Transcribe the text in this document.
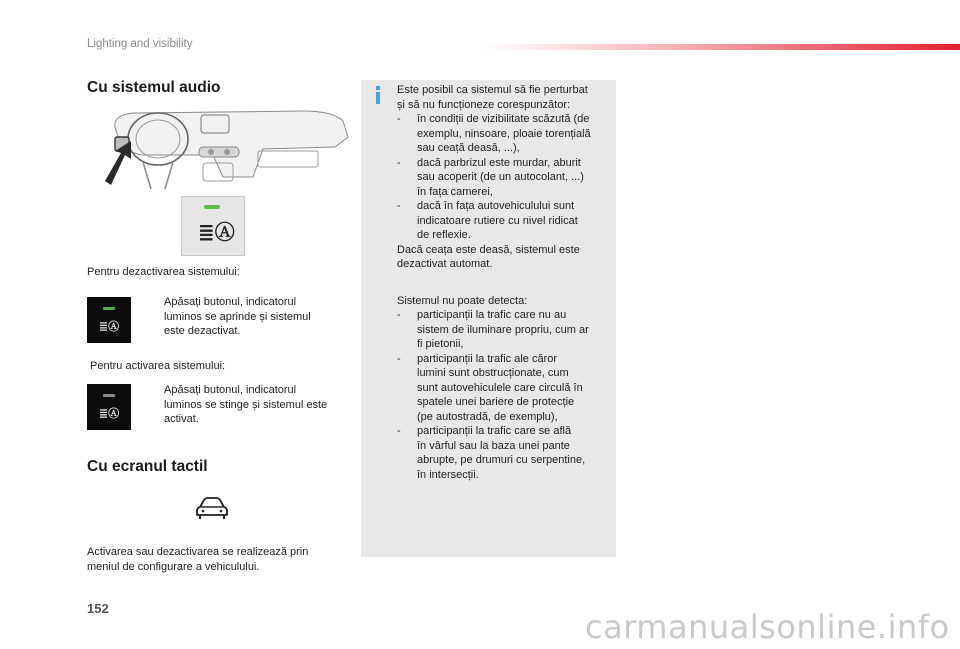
Lighting and visibility
Cu sistemul audio
≣Ⓐ
Pentru dezactivarea sistemului:
≣Ⓐ
Apăsați butonul, indicatorul
luminos se aprinde și sistemul
este dezactivat.
Pentru activarea sistemului:
≣Ⓐ
Apăsați butonul, indicatorul
luminos se stinge și sistemul este
activat.
Cu ecranul tactil
Activarea sau dezactivarea se realizează prin
meniul de configurare a vehiculului.
Este posibil ca sistemul să fie perturbat
și să nu funcționeze corespunzător:
-	în condiții de vizibilitate scăzută (de
exemplu, ninsoare, ploaie torențială
sau ceață deasă, ...),
-	dacă parbrizul este murdar, aburit
sau acoperit (de un autocolant, ...)
în fața camerei,
-	dacă în fața autovehiculului sunt
indicatoare rutiere cu nivel ridicat
de reflexie.
Dacă ceața este deasă, sistemul este
dezactivat automat.
Sistemul nu poate detecta:
-	participanții la trafic care nu au
sistem de iluminare propriu, cum ar
fi pietonii,
-	participanții la trafic ale căror
lumini sunt obstrucționate, cum
sunt autovehiculele care circulă în
spatele unei bariere de protecție
(pe autostradă, de exemplu),
-	participanții la trafic care se află
în vârful sau la baza unei pante
abrupte, pe drumuri cu serpentine,
în intersecții.
152	carmanualsonline.info
